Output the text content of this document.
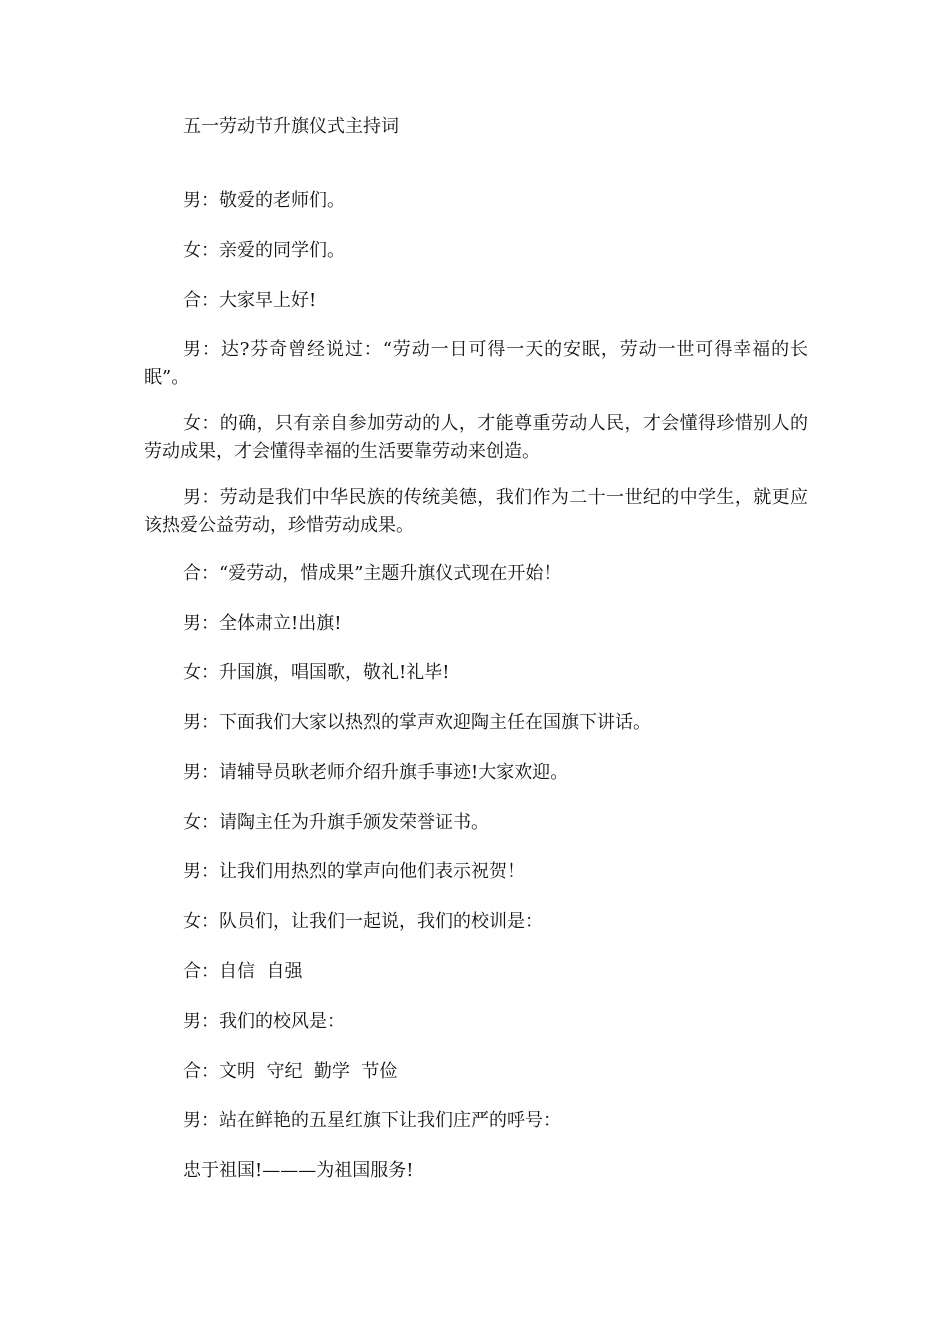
五一劳动节升旗仪式主持词

男：敬爱的老师们。

女：亲爱的同学们。

合：大家早上好!

男：达?芬奇曾经说过：“劳动一日可得一天的安眠，劳动一世可得幸福的长眠”。

女：的确，只有亲自参加劳动的人，才能尊重劳动人民，才会懂得珍惜别人的劳动成果，才会懂得幸福的生活要靠劳动来创造。

男：劳动是我们中华民族的传统美德，我们作为二十一世纪的中学生，就更应该热爱公益劳动，珍惜劳动成果。

合：“爱劳动，惜成果”主题升旗仪式现在开始！

男：全体肃立!出旗!

女：升国旗，唱国歌，敬礼!礼毕!

男：下面我们大家以热烈的掌声欢迎陶主任在国旗下讲话。

男：请辅导员耿老师介绍升旗手事迹!大家欢迎。

女：请陶主任为升旗手颁发荣誉证书。

男：让我们用热烈的掌声向他们表示祝贺！

女：队员们，让我们一起说，我们的校训是：

合：自信  自强

男：我们的校风是：

合：文明  守纪  勤学  节俭

男：站在鲜艳的五星红旗下让我们庄严的呼号：

忠于祖国!———为祖国服务!
